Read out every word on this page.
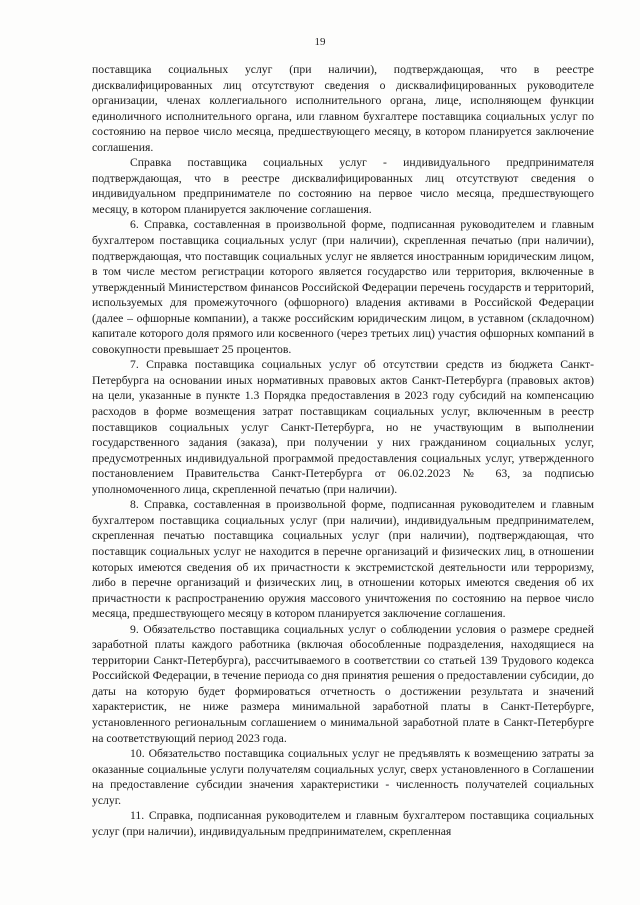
19

поставщика социальных услуг (при наличии), подтверждающая, что в реестре дисквалифицированных лиц отсутствуют сведения о дисквалифицированных руководителе организации, членах коллегиального исполнительного органа, лице, исполняющем функции единоличного исполнительного органа, или главном бухгалтере поставщика социальных услуг по состоянию на первое число месяца, предшествующего месяцу, в котором планируется заключение соглашения.

Справка поставщика социальных услуг - индивидуального предпринимателя подтверждающая, что в реестре дисквалифицированных лиц отсутствуют сведения о индивидуальном предпринимателе по состоянию на первое число месяца, предшествующего месяцу, в котором планируется заключение соглашения.

6. Справка, составленная в произвольной форме, подписанная руководителем и главным бухгалтером поставщика социальных услуг (при наличии), скрепленная печатью (при наличии), подтверждающая, что поставщик социальных услуг не является иностранным юридическим лицом, в том числе местом регистрации которого является государство или территория, включенные в утвержденный Министерством финансов Российской Федерации перечень государств и территорий, используемых для промежуточного (офшорного) владения активами в Российской Федерации (далее – офшорные компании), а также российским юридическим лицом, в уставном (складочном) капитале которого доля прямого или косвенного (через третьих лиц) участия офшорных компаний в совокупности превышает 25 процентов.

7. Справка поставщика социальных услуг об отсутствии средств из бюджета Санкт-Петербурга на основании иных нормативных правовых актов Санкт-Петербурга (правовых актов) на цели, указанные в пункте 1.3 Порядка предоставления в 2023 году субсидий на компенсацию расходов в форме возмещения затрат поставщикам социальных услуг, включенным в реестр поставщиков социальных услуг Санкт-Петербурга, но не участвующим в выполнении государственного задания (заказа), при получении у них гражданином социальных услуг, предусмотренных индивидуальной программой предоставления социальных услуг, утвержденного постановлением Правительства Санкт-Петербурга от 06.02.2023 № 63, за подписью уполномоченного лица, скрепленной печатью (при наличии).

8. Справка, составленная в произвольной форме, подписанная руководителем и главным бухгалтером поставщика социальных услуг (при наличии), индивидуальным предпринимателем, скрепленная печатью поставщика социальных услуг (при наличии), подтверждающая, что поставщик социальных услуг не находится в перечне организаций и физических лиц, в отношении которых имеются сведения об их причастности к экстремистской деятельности или терроризму, либо в перечне организаций и физических лиц, в отношении которых имеются сведения об их причастности к распространению оружия массового уничтожения по состоянию на первое число месяца, предшествующего месяцу в котором планируется заключение соглашения.

9. Обязательство поставщика социальных услуг о соблюдении условия о размере средней заработной платы каждого работника (включая обособленные подразделения, находящиеся на территории Санкт-Петербурга), рассчитываемого в соответствии со статьей 139 Трудового кодекса Российской Федерации, в течение периода со дня принятия решения о предоставлении субсидии, до даты на которую будет формироваться отчетность о достижении результата и значений характеристик, не ниже размера минимальной заработной платы в Санкт-Петербурге, установленного региональным соглашением о минимальной заработной плате в Санкт-Петербурге на соответствующий период 2023 года.

10. Обязательство поставщика социальных услуг не предъявлять к возмещению затраты за оказанные социальные услуги получателям социальных услуг, сверх установленного в Соглашении на предоставление субсидии значения характеристики - численность получателей социальных услуг.

11. Справка, подписанная руководителем и главным бухгалтером поставщика социальных услуг (при наличии), индивидуальным предпринимателем, скрепленная
